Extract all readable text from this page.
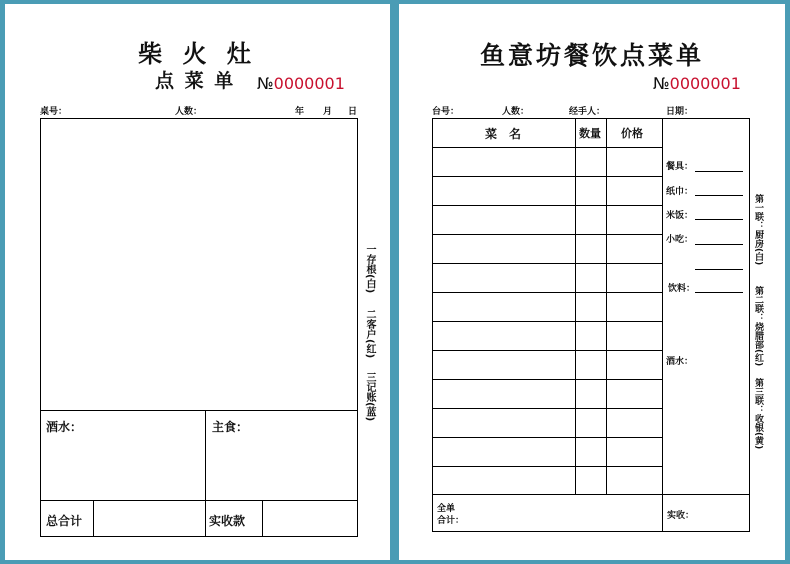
柴 火 灶
点 菜 单 №0000001
桌号：	人数：	年 月 日
酒水：	主食：
总合计	实收款
一存根(白)
二客户(红)
三记账(蓝)
鱼意坊餐饮点菜单
№0000001
台号：	人数：	经手人：	日期：
菜　名	数量 价格
餐具：
纸巾：
米饭：
小吃：
饮料：
酒水：
全单
合计：	实收：
第一联：厨房(白)
第二联：烧腊部(红)
第三联：收银(黄)
